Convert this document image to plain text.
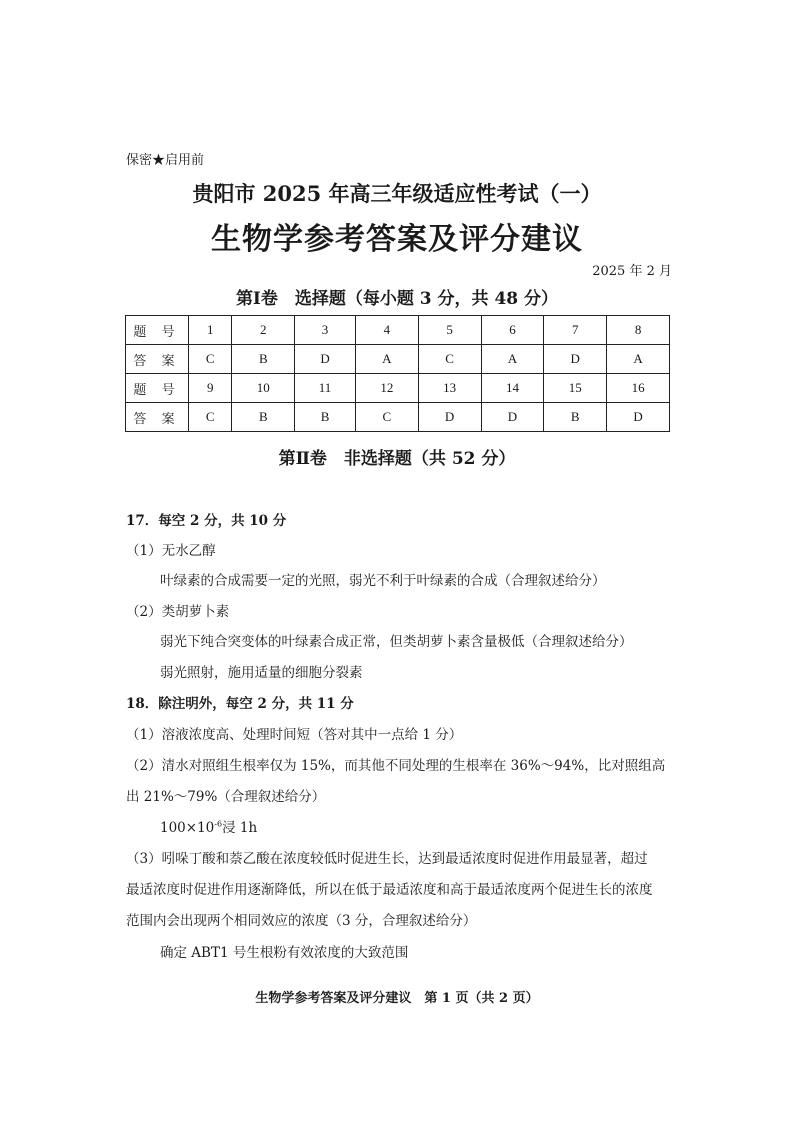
保密★启用前
贵阳市 2025 年高三年级适应性考试（一）
生物学参考答案及评分建议
2025 年 2 月
第Ⅰ卷　选择题（每小题 3 分，共 48 分）
题 号	1	2	3	4	5	6	7	8
答 案	C	B	D	A	C	A	D	A
题 号	9	10	11	12	13	14	15	16
答 案	C	B	B	C	D	D	B	D
第Ⅱ卷　非选择题（共 52 分）
17．每空 2 分，共 10 分
（1）无水乙醇
叶绿素的合成需要一定的光照，弱光不利于叶绿素的合成（合理叙述给分）
（2）类胡萝卜素
弱光下纯合突变体的叶绿素合成正常，但类胡萝卜素含量极低（合理叙述给分）
弱光照射，施用适量的细胞分裂素
18．除注明外，每空 2 分，共 11 分
（1）溶液浓度高、处理时间短（答对其中一点给 1 分）
（2）清水对照组生根率仅为 15%，而其他不同处理的生根率在 36%～94%，比对照组高
出 21%～79%（合理叙述给分）
$100\times 10^{-6}$浸 1h
（3）吲哚丁酸和萘乙酸在浓度较低时促进生长，达到最适浓度时促进作用最显著，超过
最适浓度时促进作用逐渐降低，所以在低于最适浓度和高于最适浓度两个促进生长的浓度
范围内会出现两个相同效应的浓度（3 分，合理叙述给分）
确定 ABT1 号生根粉有效浓度的大致范围
生物学参考答案及评分建议　第 1 页（共 2 页）
